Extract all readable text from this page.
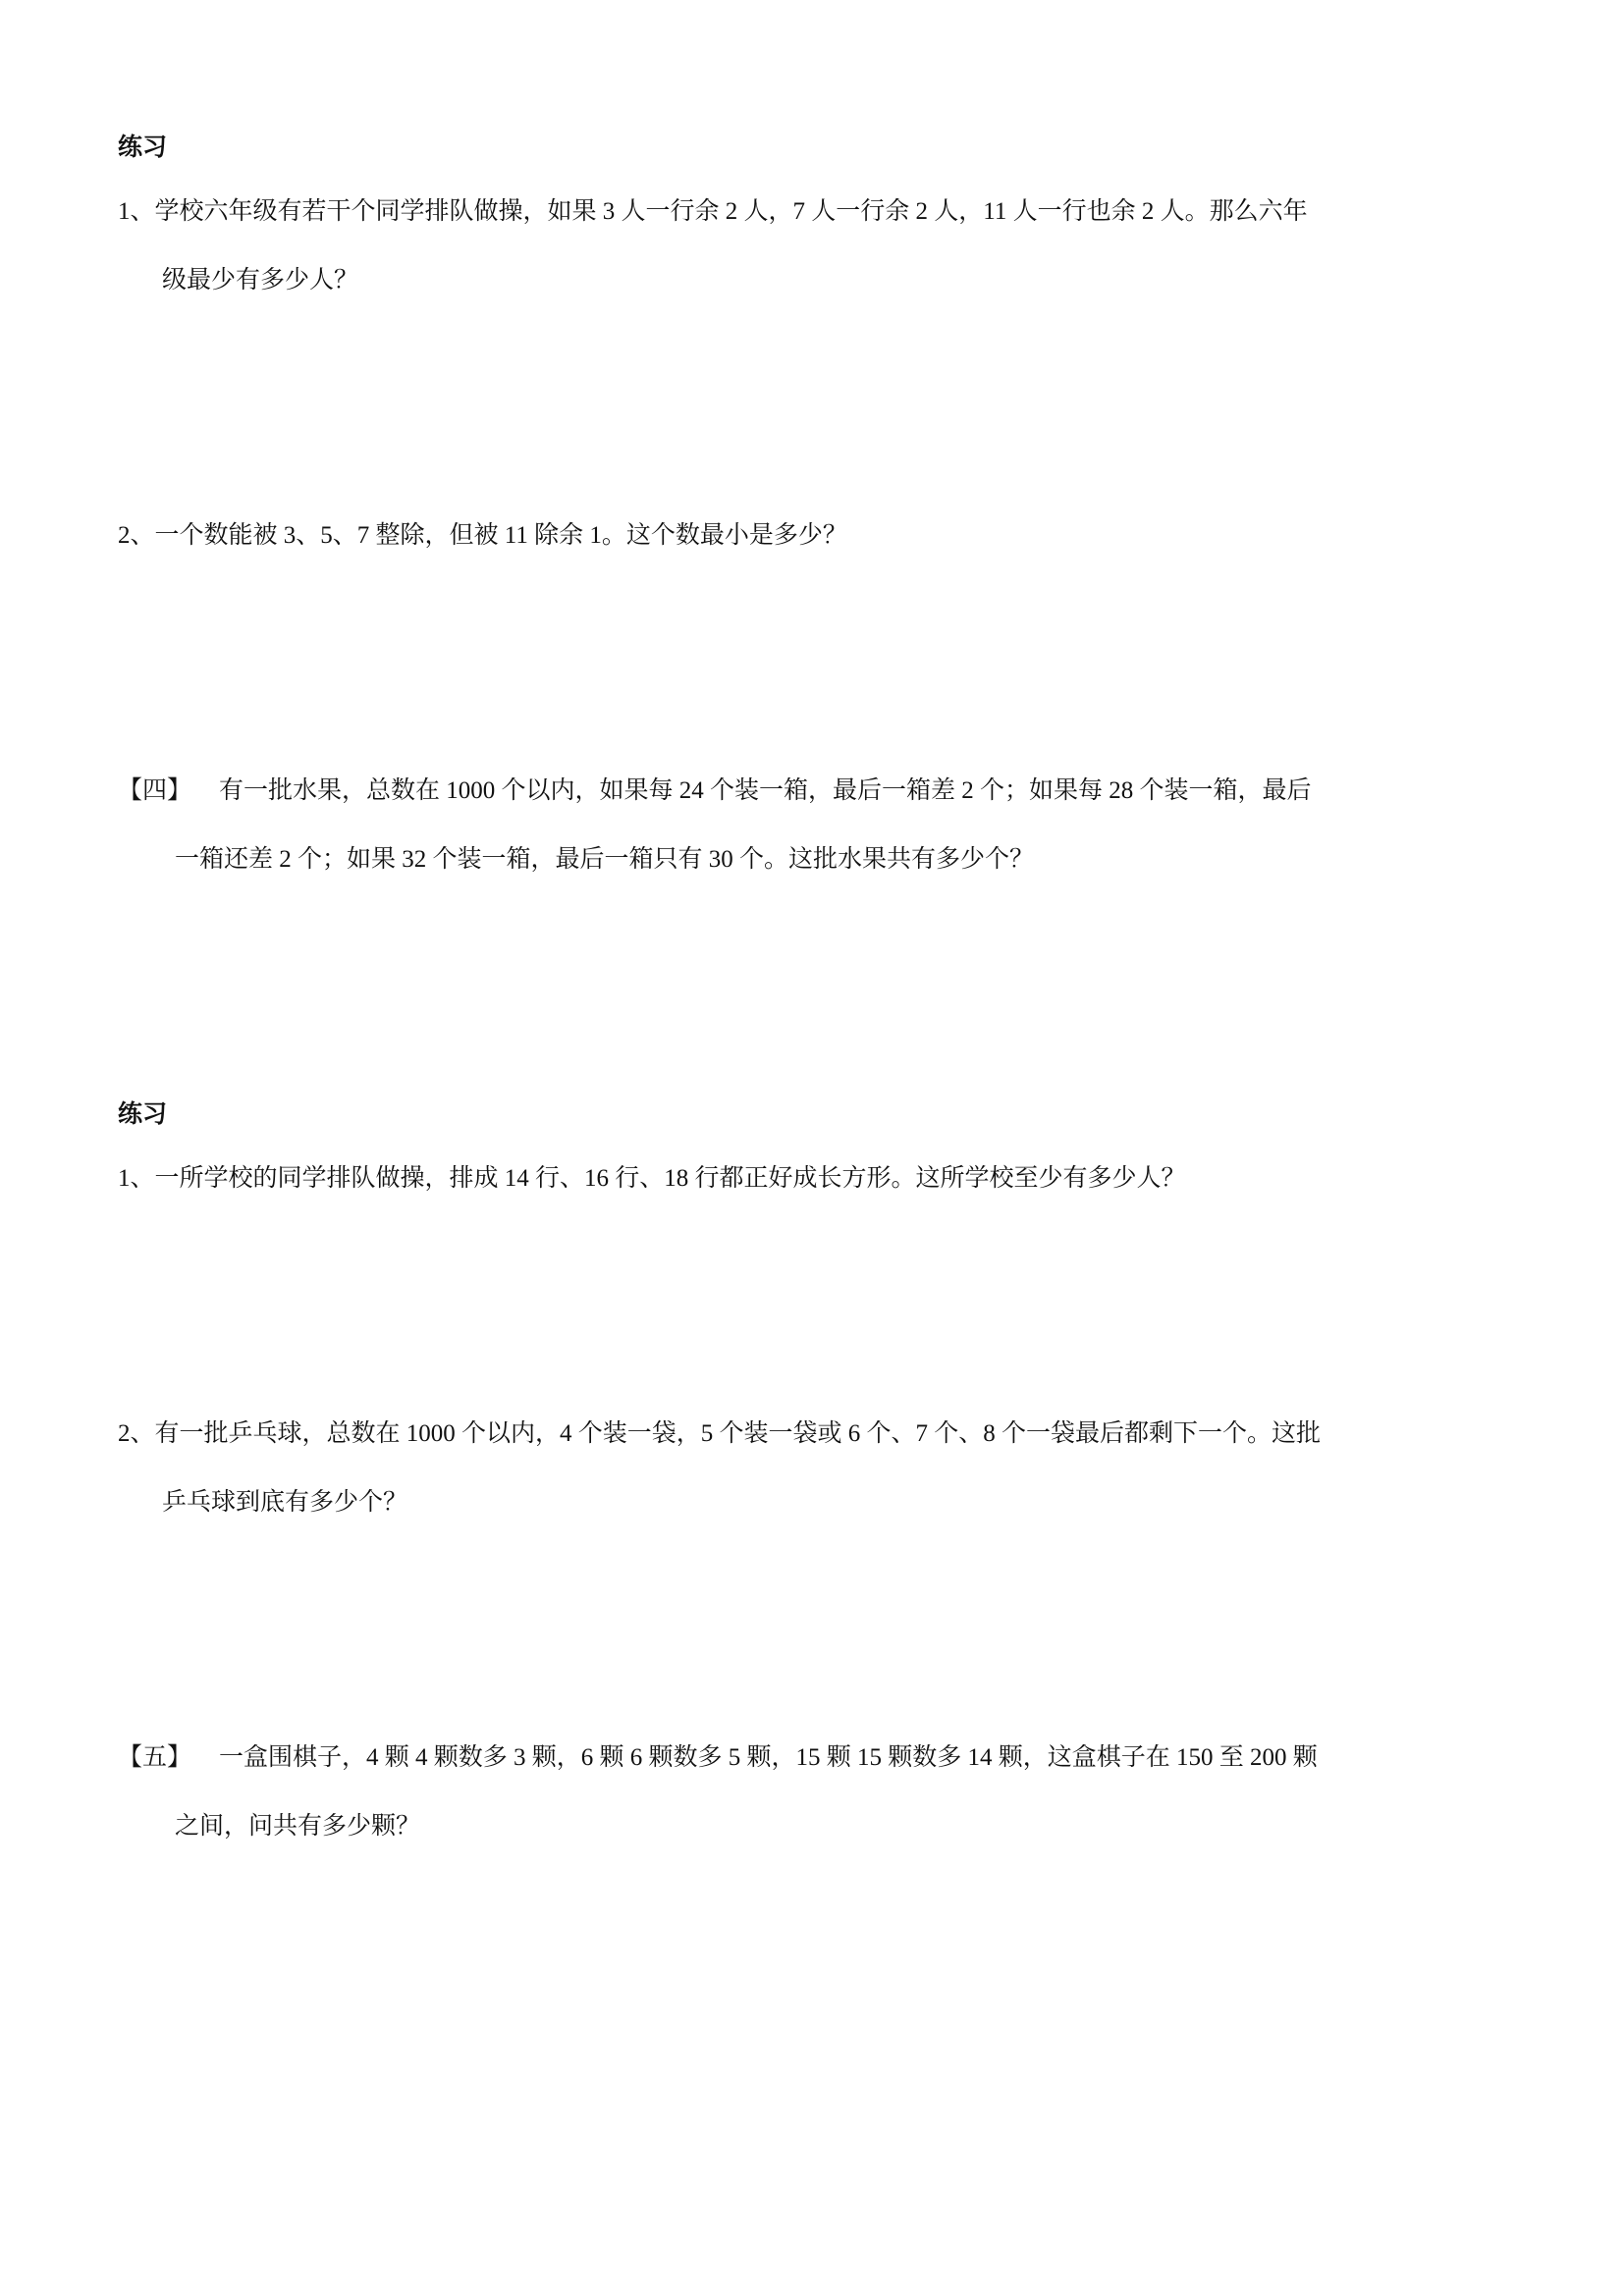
练习
1、学校六年级有若干个同学排队做操，如果 3 人一行余 2 人，7 人一行余 2 人，11 人一行也余 2 人。那么六年
级最少有多少人？
2、一个数能被 3、5、7 整除，但被 11 除余 1。这个数最小是多少？
【四】 有一批水果，总数在 1000 个以内，如果每 24 个装一箱，最后一箱差 2 个；如果每 28 个装一箱，最后
一箱还差 2 个；如果 32 个装一箱，最后一箱只有 30 个。这批水果共有多少个？
练习
1、一所学校的同学排队做操，排成 14 行、16 行、18 行都正好成长方形。这所学校至少有多少人？
2、有一批乒乓球，总数在 1000 个以内，4 个装一袋，5 个装一袋或 6 个、7 个、8 个一袋最后都剩下一个。这批
乒乓球到底有多少个？
【五】 一盒围棋子，4 颗 4 颗数多 3 颗，6 颗 6 颗数多 5 颗，15 颗 15 颗数多 14 颗，这盒棋子在 150 至 200 颗
之间，问共有多少颗？
